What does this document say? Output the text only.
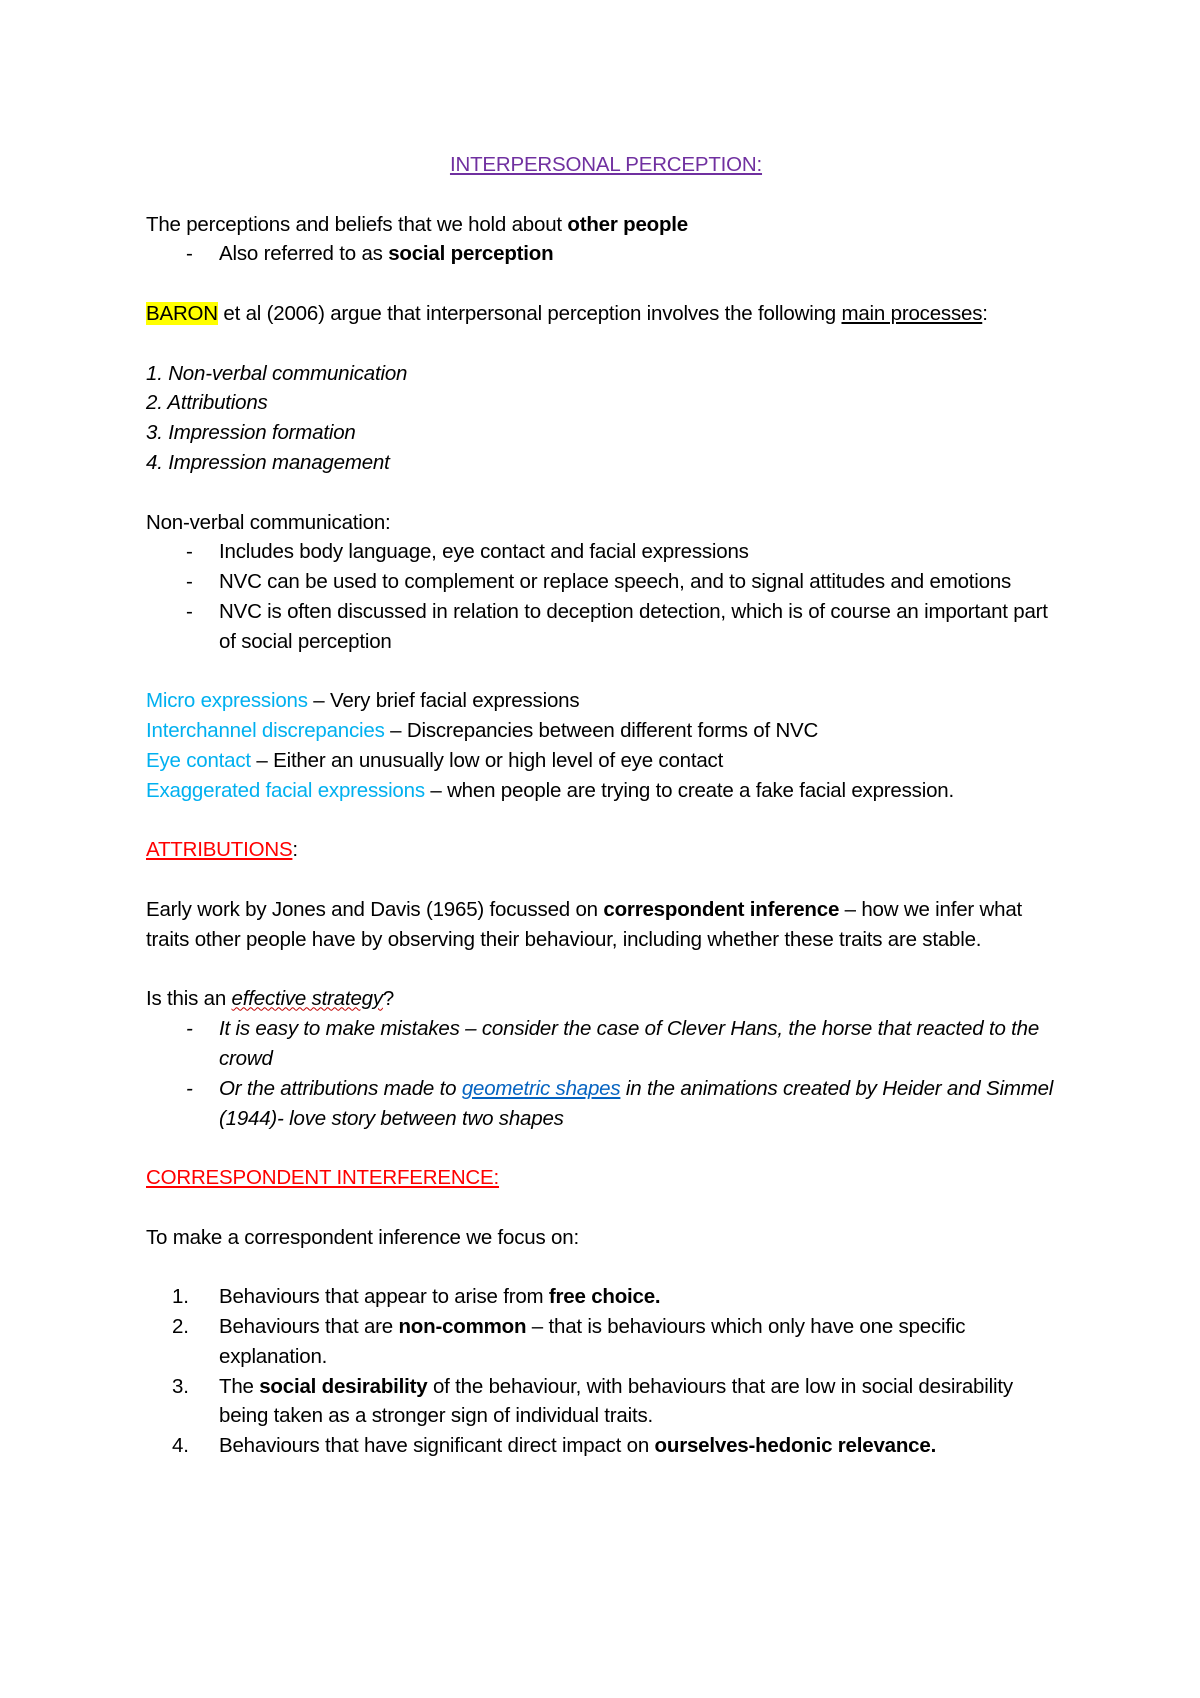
INTERPERSONAL PERCEPTION:

The perceptions and beliefs that we hold about other people

- Also referred to as social perception

BARON et al (2006) argue that interpersonal perception involves the following main processes:

1. Non-verbal communication

2. Attributions

3. Impression formation

4. Impression management

Non-verbal communication:

- Includes body language, eye contact and facial expressions
- NVC can be used to complement or replace speech, and to signal attitudes and emotions
- NVC is often discussed in relation to deception detection, which is of course an important part of social perception

Micro expressions – Very brief facial expressions

Interchannel discrepancies – Discrepancies between different forms of NVC

Eye contact – Either an unusually low or high level of eye contact

Exaggerated facial expressions – when people are trying to create a fake facial expression.

ATTRIBUTIONS:

Early work by Jones and Davis (1965) focussed on correspondent inference – how we infer what traits other people have by observing their behaviour, including whether these traits are stable.

Is this an effective strategy?

- It is easy to make mistakes – consider the case of Clever Hans, the horse that reacted to the crowd
- Or the attributions made to geometric shapes in the animations created by Heider and Simmel (1944)- love story between two shapes

CORRESPONDENT INTERFERENCE:

To make a correspondent inference we focus on:

1. Behaviours that appear to arise from free choice.
2. Behaviours that are non-common – that is behaviours which only have one specific explanation.
3. The social desirability of the behaviour, with behaviours that are low in social desirability being taken as a stronger sign of individual traits.
4. Behaviours that have significant direct impact on ourselves-hedonic relevance.
